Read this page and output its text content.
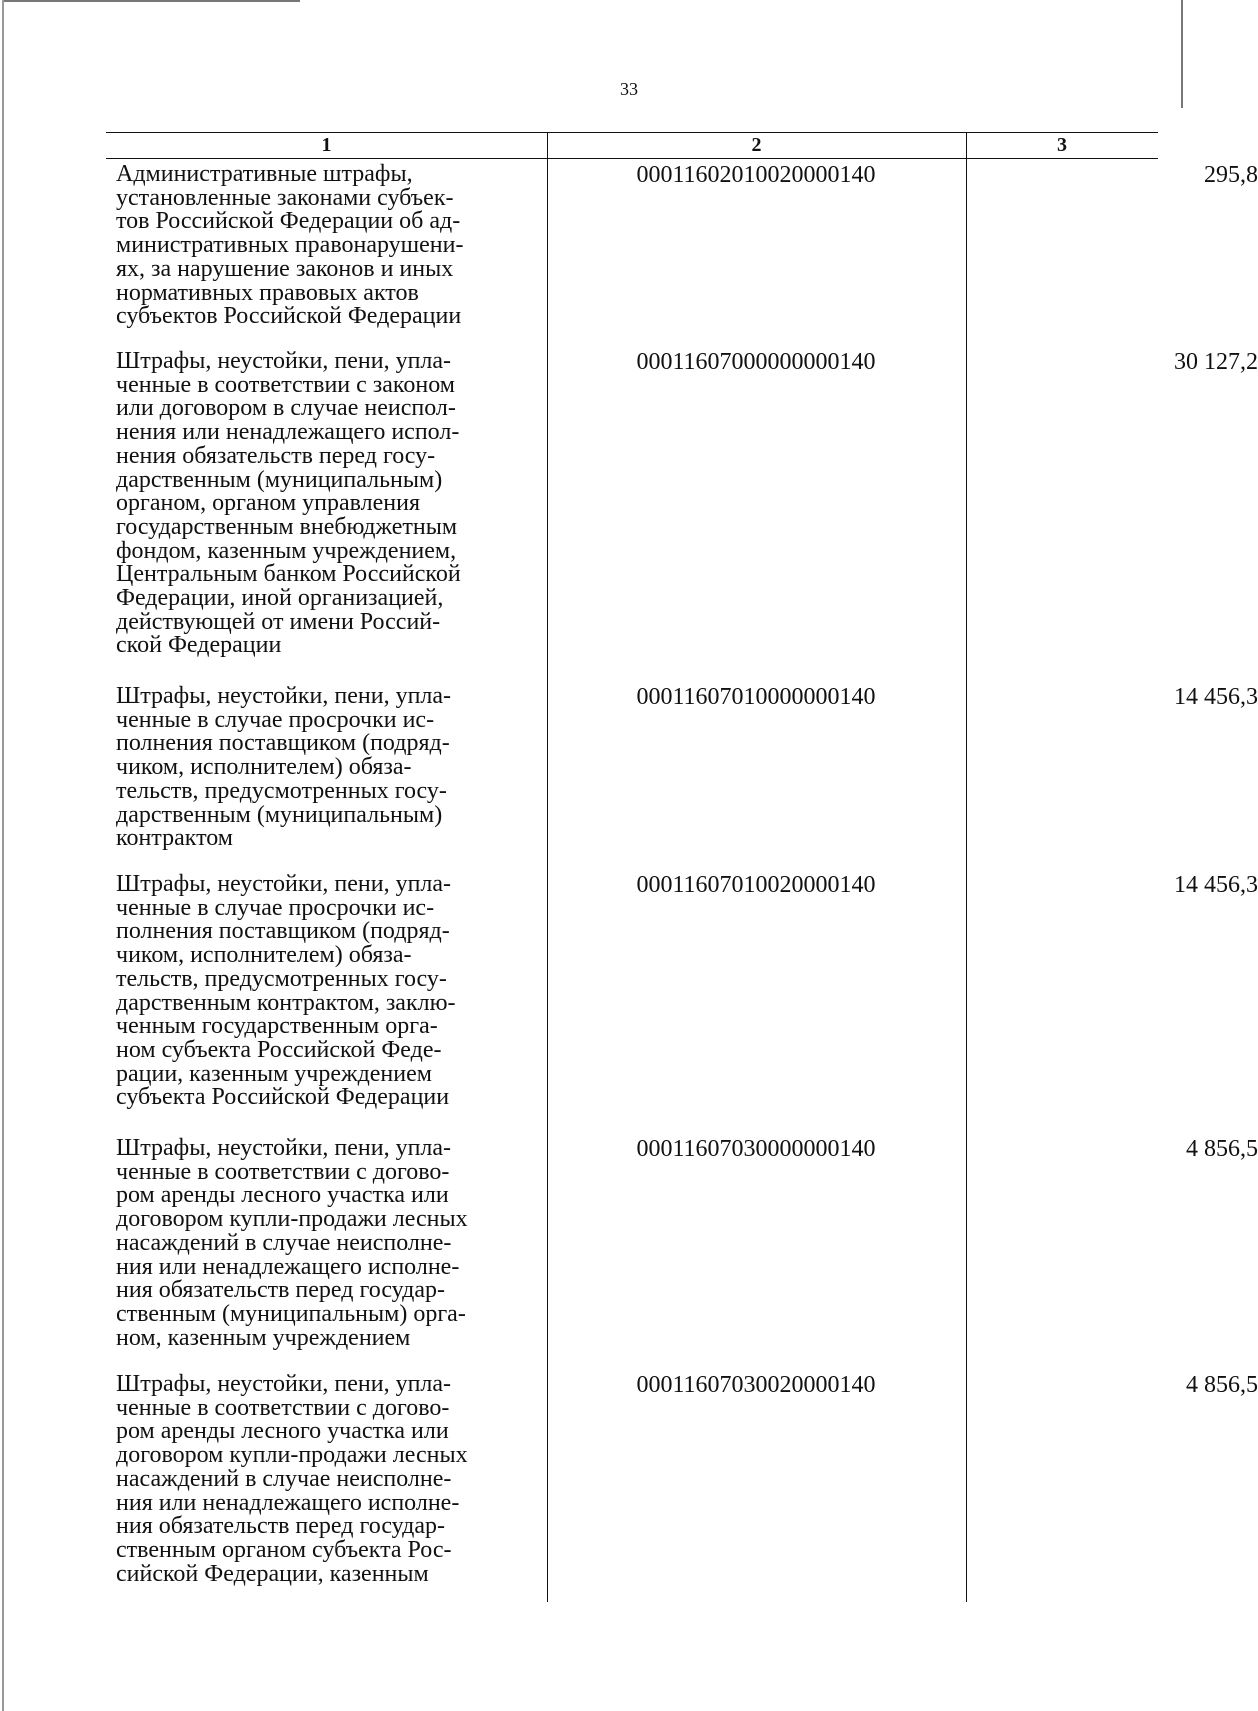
33
1	2	3
Административные штрафы,
установленные законами субъек-
тов Российской Федерации об ад-
министративных правонарушени-
ях, за нарушение законов и иных
нормативных правовых актов
субъектов Российской Федерации
00011602010020000140	295,8
Штрафы, неустойки, пени, упла-
ченные в соответствии с законом
или договором в случае неиспол-
нения или ненадлежащего испол-
нения обязательств перед госу-
дарственным (муниципальным)
органом, органом управления
государственным внебюджетным
фондом, казенным учреждением,
Центральным банком Российской
Федерации, иной организацией,
действующей от имени Россий-
ской Федерации
00011607000000000140	30 127,2
Штрафы, неустойки, пени, упла-
ченные в случае просрочки ис-
полнения поставщиком (подряд-
чиком, исполнителем) обяза-
тельств, предусмотренных госу-
дарственным (муниципальным)
контрактом
00011607010000000140	14 456,3
Штрафы, неустойки, пени, упла-
ченные в случае просрочки ис-
полнения поставщиком (подряд-
чиком, исполнителем) обяза-
тельств, предусмотренных госу-
дарственным контрактом, заклю-
ченным государственным орга-
ном субъекта Российской Феде-
рации, казенным учреждением
субъекта Российской Федерации
00011607010020000140	14 456,3
Штрафы, неустойки, пени, упла-
ченные в соответствии с догово-
ром аренды лесного участка или
договором купли-продажи лесных
насаждений в случае неисполне-
ния или ненадлежащего исполне-
ния обязательств перед государ-
ственным (муниципальным) орга-
ном, казенным учреждением
00011607030000000140	4 856,5
Штрафы, неустойки, пени, упла-
ченные в соответствии с догово-
ром аренды лесного участка или
договором купли-продажи лесных
насаждений в случае неисполне-
ния или ненадлежащего исполне-
ния обязательств перед государ-
ственным органом субъекта Рос-
сийской Федерации, казенным
00011607030020000140	4 856,5
